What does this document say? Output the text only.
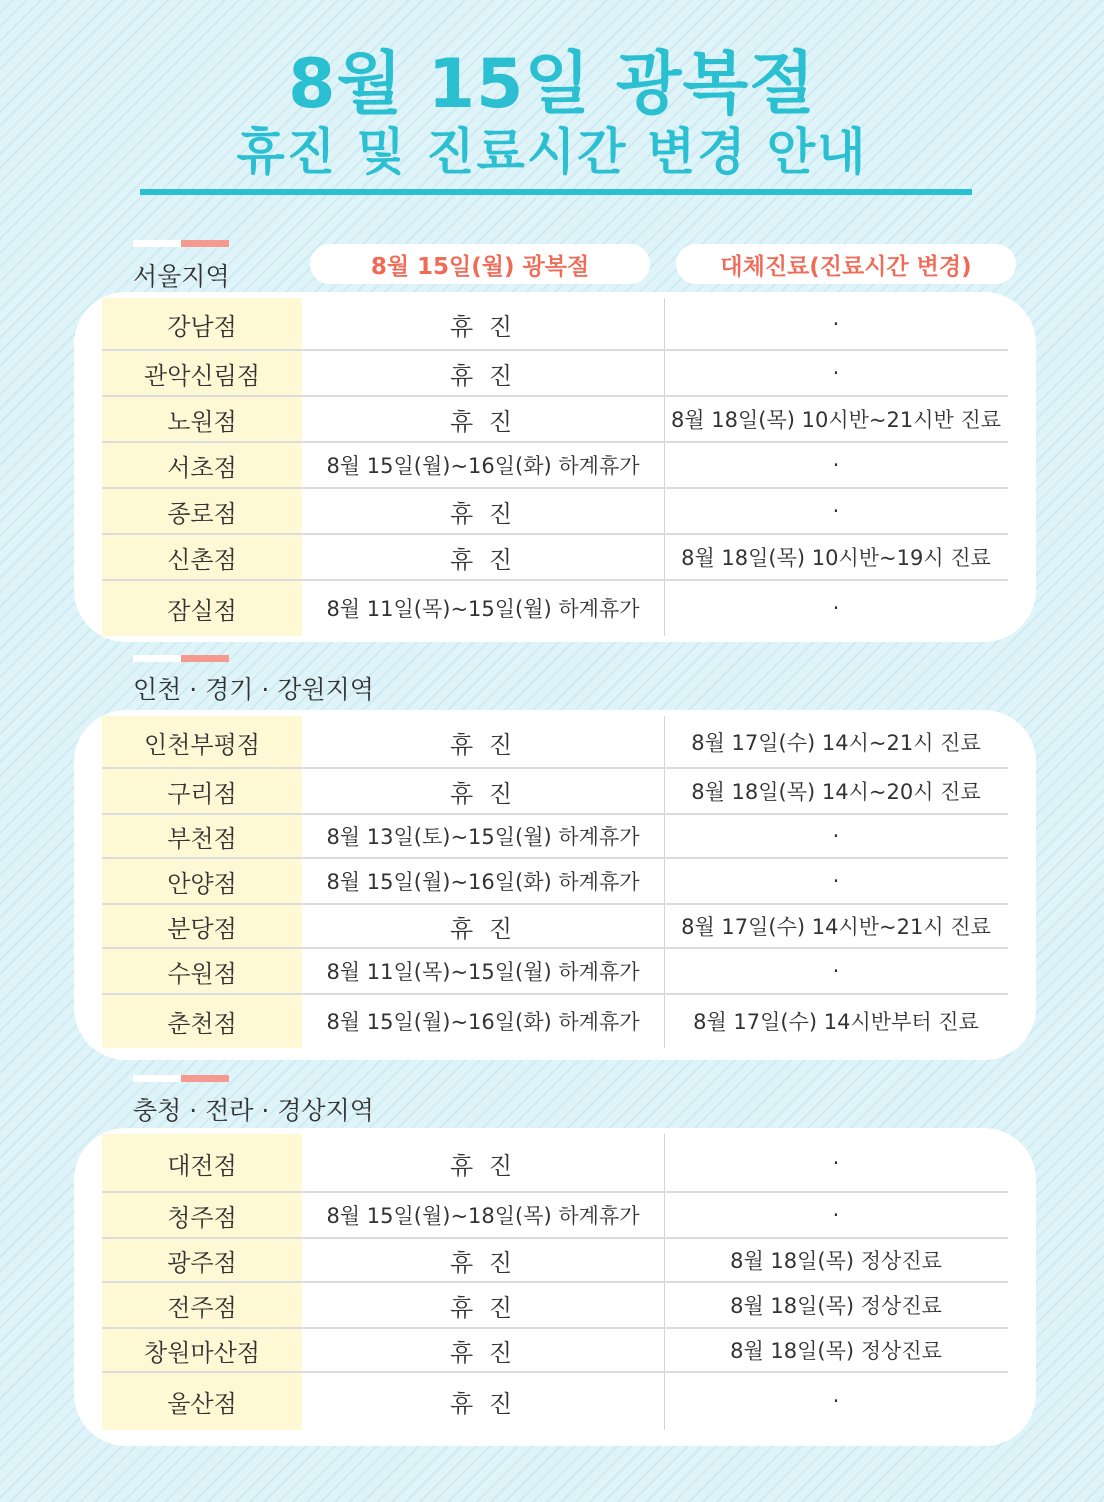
8월 15일 광복절
휴진 및 진료시간 변경 안내
8월 15일(월) 광복절	대체진료(진료시간 변경)
서울지역
인천 · 경기 · 강원지역
충청 · 전라 · 경상지역
강남점	휴 진	·
관악신림점	휴 진	·
노원점	휴 진	8월 18일(목) 10시반~21시반 진료
서초점	8월 15일(월)~16일(화) 하계휴가	·
종로점	휴 진	·
신촌점	휴 진	8월 18일(목) 10시반~19시 진료
잠실점	8월 11일(목)~15일(월) 하계휴가	·
인천부평점	휴 진	8월 17일(수) 14시~21시 진료
구리점	휴 진	8월 18일(목) 14시~20시 진료
부천점	8월 13일(토)~15일(월) 하계휴가	·
안양점	8월 15일(월)~16일(화) 하계휴가	·
분당점	휴 진	8월 17일(수) 14시반~21시 진료
수원점	8월 11일(목)~15일(월) 하계휴가	·
춘천점	8월 15일(월)~16일(화) 하계휴가	8월 17일(수) 14시반부터 진료
대전점	휴 진	·
청주점	8월 15일(월)~18일(목) 하계휴가	·
광주점	휴 진	8월 18일(목) 정상진료
전주점	휴 진	8월 18일(목) 정상진료
창원마산점	휴 진	8월 18일(목) 정상진료
울산점	휴 진	·
